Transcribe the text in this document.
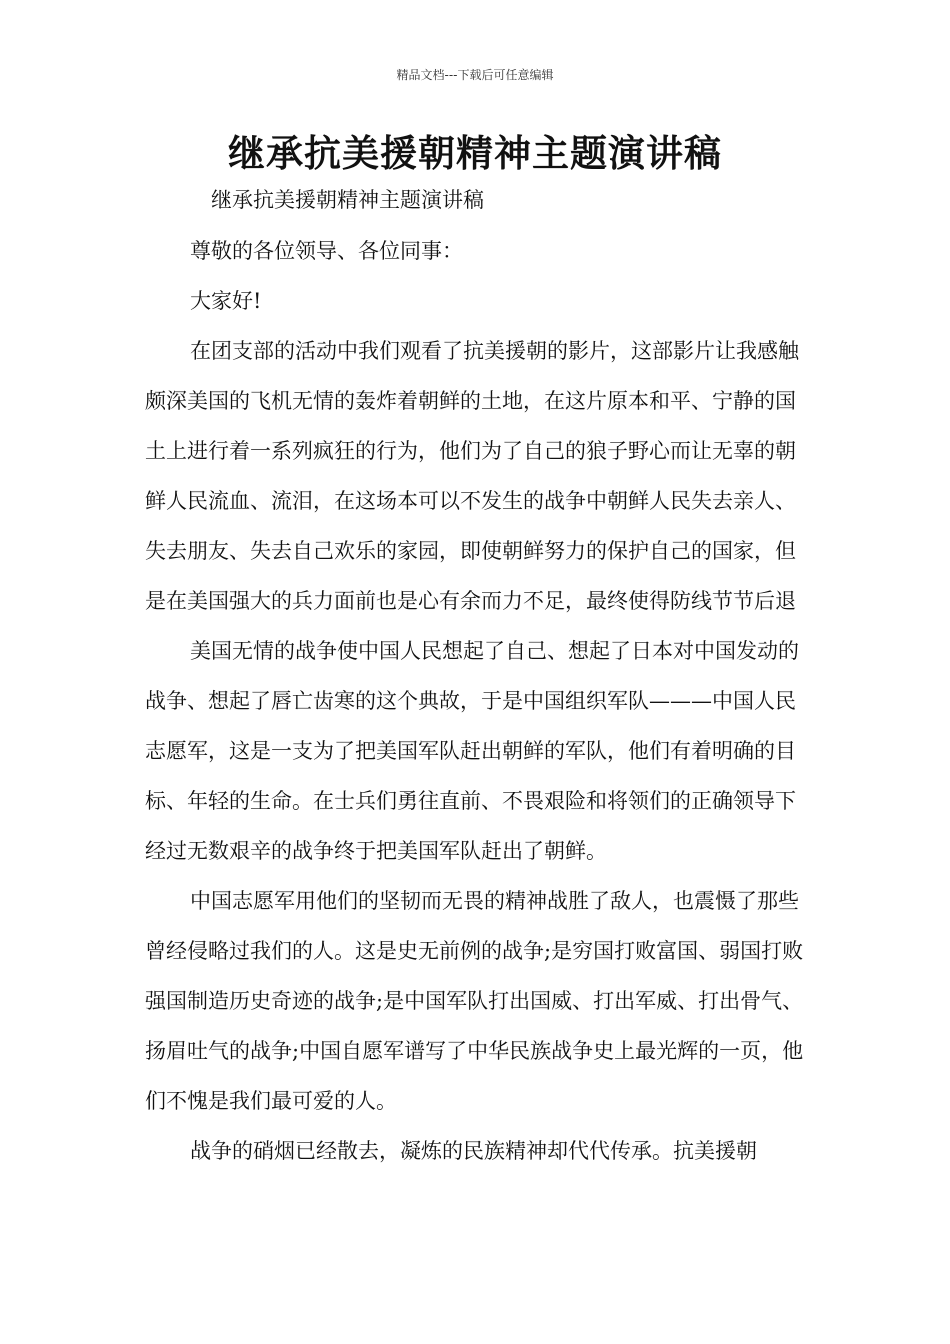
精品文档---下载后可任意编辑
继承抗美援朝精神主题演讲稿

继承抗美援朝精神主题演讲稿

尊敬的各位领导、各位同事：

大家好!

在团支部的活动中我们观看了抗美援朝的影片，这部影片让我感触颇深美国的飞机无情的轰炸着朝鲜的土地，在这片原本和平、宁静的国土上进行着一系列疯狂的行为，他们为了自己的狼子野心而让无辜的朝鲜人民流血、流泪，在这场本可以不发生的战争中朝鲜人民失去亲人、失去朋友、失去自己欢乐的家园，即使朝鲜努力的保护自己的国家，但是在美国强大的兵力面前也是心有余而力不足，最终使得防线节节后退

美国无情的战争使中国人民想起了自己、想起了日本对中国发动的战争、想起了唇亡齿寒的这个典故，于是中国组织军队———中国人民志愿军，这是一支为了把美国军队赶出朝鲜的军队，他们有着明确的目标、年轻的生命。在士兵们勇往直前、不畏艰险和将领们的正确领导下经过无数艰辛的战争终于把美国军队赶出了朝鲜。

中国志愿军用他们的坚韧而无畏的精神战胜了敌人，也震慑了那些曾经侵略过我们的人。这是史无前例的战争;是穷国打败富国、弱国打败强国制造历史奇迹的战争;是中国军队打出国威、打出军威、打出骨气、扬眉吐气的战争;中国自愿军谱写了中华民族战争史上最光辉的一页，他们不愧是我们最可爱的人。

战争的硝烟已经散去，凝炼的民族精神却代代传承。抗美援朝
